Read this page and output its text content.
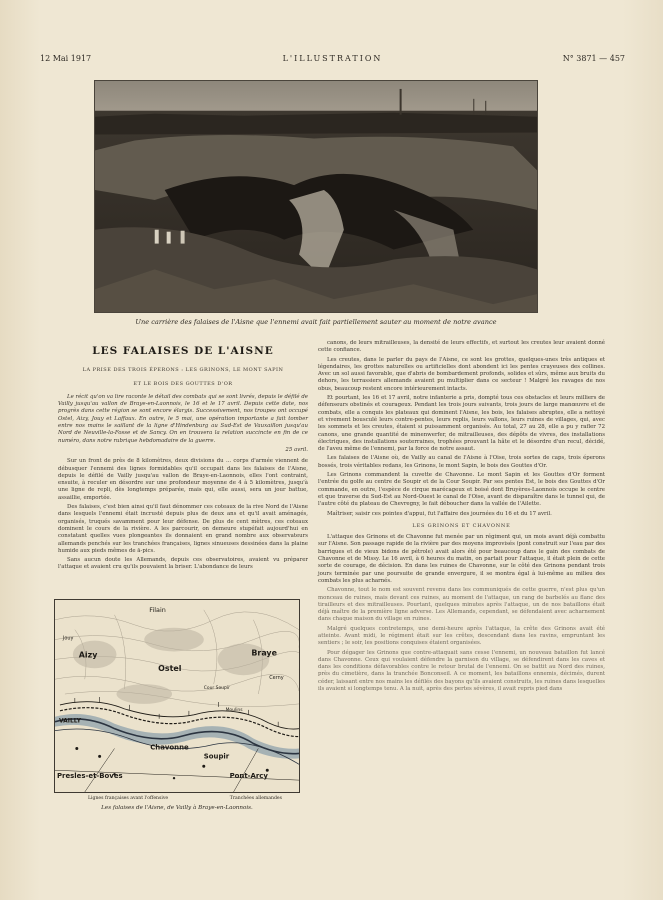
12 Mai 1917	L'ILLUSTRATION	N° 3871 — 457
Une carrière des falaises de l'Aisne que l'ennemi avait fait partiellement sauter au moment de notre avance
LES FALAISES DE L'AISNE
LA PRISE DES TROIS ÉPERONS : LES GRINONS, LE MONT SAPIN
ET LE BOIS DES GOUTTES D'OR

Le récit qu'on va lire raconte le détail des combats qui se sont livrés, depuis le défilé de Vailly jusqu'au vallon de Braye-en-Laonnois, le 16 et le 17 avril. Depuis cette date, nos progrès dans cette région se sont encore élargis. Successivement, nos troupes ont occupé Ostel, Aizy, Jouy et Laffaux. En outre, le 5 mai, une opération importante a fait tomber entre nos mains le saillant de la ligne d'Hindenburg au Sud-Est de Vauxaillon jusqu'au Nord de Neuville-la-Fosse et de Sancy. On en trouvera la relation succincte en fin de ce numéro, dans notre rubrique hebdomadaire de la guerre.

25 avril.

Sur un front de près de 8 kilomètres, deux divisions du ... corps d'armée viennent de débusquer l'ennemi des lignes formidables qu'il occupait dans les falaises de l'Aisne, depuis le défilé de Vailly jusqu'au vallon de Braye-en-Laonnois, elles l'ont contraint, ensuite, à reculer en désordre sur une profondeur moyenne de 4 à 5 kilomètres, jusqu'à une ligne de repli, dès longtemps préparée, mais qui, elle aussi, sera un jour battue, assaillie, emportée.

Des falaises, c'est bien ainsi qu'il faut dénommer ces coteaux de la rive Nord de l'Aisne dans lesquels l'ennemi était incrusté depuis plus de deux ans et qu'il avait aménagés, organisés, truqués savamment pour leur défense. De plus de cent mètres, ces coteaux dominent le cours de la rivière. A les parcourir, on demeure stupéfait aujourd'hui en constatant quelles vues plongeantes ils donnaient en grand nombre aux observateurs allemands penchés sur les tranchées françaises, lignes sinueuses dessinées dans la plaine humide aux pieds mêmes de ā-pics.

Sans aucun doute les Allemands, depuis ces observatoires, avaient vu préparer l'attaque et avaient cru qu'ils pouvaient la briser. L'abondance de leurs

canons, de leurs mitrailleuses, la densité de leurs effectifs, et surtout les creutes leur avaient donné cette confiance.

Les creutes, dans le parler du pays de l'Aisne, ce sont les grottes, quelques-unes très antiques et légendaires, les grottes naturelles ou artificielles dont abondent ici les pentes crayeuses des collines. Avec un sol aussi favorable, que d'abris de bombardement profonds, solides et sûrs, même aux bruits du dehors, les terrassiers allemands avaient pu multiplier dans ce secteur ! Malgré les ravages de nos obus, beaucoup restent encore intérieurement intacts.

Et pourtant, les 16 et 17 avril, notre infanterie a pris, dompté tous ces obstacles et leurs milliers de défenseurs obstinés et courageux. Pendant les trois jours suivants, trois jours de large manœuvre et de combats, elle a conquis les plateaux qui dominent l'Aisne, les bois, les falaises abruptes, elle a nettoyé et vivement bousculé leurs contre-pentes, leurs replis, leurs vallons, leurs ruines de villages, qui, avec les sommets et les creutes, étaient si puissamment organisés. Au total, 27 au 28, elle a pu y rafler 72 canons, une grande quantité de minenwerfer, de mitrailleuses, des dépôts de vivres, des installations électriques, des installations souterraines, trophées prouvant la hâte et le désordre d'un recul, décidé, de l'aveu même de l'ennemi, par la force de notre assaut.

Les falaises de l'Aisne où, de Vailly au canal de l'Aisne à l'Oise, trois sortes de caps, trois éperons bossés, trois véritables redans, les Grinons, le mont Sapin, le bois des Gouttes d'Or.

Les Grinons commandent la cuvette de Chavonne. Le mont Sapin et les Gouttes d'Or forment l'entrée du golfe au centre de Soupir et de la Cour Soupir. Par ses pentes Est, le bois des Gouttes d'Or commande, en outre, l'espèce de cirque marécageux et boisé dont Bruyères-Laonnois occupe le centre et que traverse du Sud-Est au Nord-Ouest le canal de l'Oise, avant de disparaître dans le tunnel qui, de l'autre côté du plateau de Chevregny, le fait déboucher dans la vallée de l'Ailette.

Maîtriser, saisir ces pointes d'appui, fut l'affaire des journées du 16 et du 17 avril.

LES GRINONS ET CHAVONNE

L'attaque des Grinons et de Chavonne fut menée par un régiment qui, un mois avant déjà combattu sur l'Aisne. Son passage rapide de la rivière par des moyens improvisés (pont construit sur l'eau par des barriques et de vieux bidons de pétrole) avait alors été pour beaucoup dans le gain des combats de Chavonne et de Missy. Le 16 avril, à 6 heures du matin, on partait pour l'attaque, il était plein de cette sorte de courage, de décision. En dans les ruines de Chavonne, sur le côté des Grinons pendant trois jours terminée par une poursuite de grande envergure, il se montra égal à lui-même au milieu des combats les plus acharnés.

Chavonne, tout le nom est souvent revenu dans les communiqués de cette guerre, n'est plus qu'un monceau de ruines, mais devant ces ruines, au moment de l'attaque, un rang de barbelés au flanc des tirailleurs et des mitrailleuses. Pourtant, quelques minutes après l'attaque, un de nos bataillons était déjà maître de la première ligne adverse. Les Allemands, cependant, se défendaient avec acharnement dans chaque maison du village en ruines.

Malgré quelques contretemps, une demi-heure après l'attaque, la crête des Grinons avait été atteinte. Avant midi, le régiment était sur les crêtes, descendant dans les ravins, empruntant les sentiers ; le soir, les positions conquises étaient organisées.

Pour dégager les Grinons que contre-attaquait sans cesse l'ennemi, un nouveau bataillon fut lancé dans Chavonne. Ceux qui voulaient défendre la garnison du village, se défendirent dans les caves et dans les conditions défavorables contre le retour brutal de l'ennemi. On se battit au Nord des ruines, près du cimetière, dans la tranchée Bonconseil. A ce moment, les bataillons ennemis, décimés, durent céder, laissant entre nos mains les défilés des bayons qu'ils avaient construits, les ruines dans lesquelles ils avaient si longtemps tenu. A la nuit, après des pertes sévères, il avait repris pied dans

Filain
Jouy
Aizy	Braye
Ostel
Cerny
VAILLY
Chavonne
Soupir
Cour Soupir
Moulins
Presles-et-Boves	Pont-Arcy
Lignes françaises avant l'offensive	Tranchées allemandes
Les falaises de l'Aisne, de Vailly à Braye-en-Laonnois.
